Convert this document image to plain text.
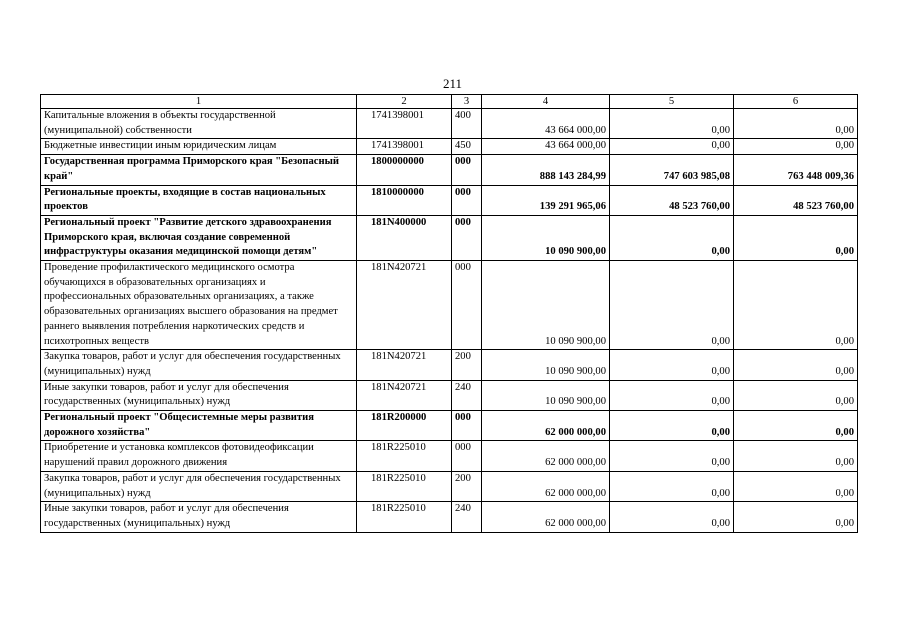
211
1	2	3	4	5	6
Капитальные вложения в объекты государственной (муниципальной) собственности	1741398001	400	43 664 000,00	0,00	0,00
Бюджетные инвестиции иным юридическим лицам	1741398001	450	43 664 000,00	0,00	0,00
Государственная программа Приморского края "Безопасный край"	1800000000	000	888 143 284,99	747 603 985,08	763 448 009,36
Региональные проекты, входящие в состав национальных проектов	1810000000	000	139 291 965,06	48 523 760,00	48 523 760,00
Региональный проект "Развитие детского здравоохранения Приморского края, включая создание современной инфраструктуры оказания медицинской помощи детям"	181N400000	000	10 090 900,00	0,00	0,00
Проведение профилактического медицинского осмотра обучающихся в образовательных организациях и профессиональных образовательных организациях, а также образовательных организациях высшего образования на предмет раннего выявления потребления наркотических средств и психотропных веществ	181N420721	000	10 090 900,00	0,00	0,00
Закупка товаров, работ и услуг для обеспечения государственных (муниципальных) нужд	181N420721	200	10 090 900,00	0,00	0,00
Иные закупки товаров, работ и услуг для обеспечения государственных (муниципальных) нужд	181N420721	240	10 090 900,00	0,00	0,00
Региональный проект "Общесистемные меры развития дорожного хозяйства"	181R200000	000	62 000 000,00	0,00	0,00
Приобретение и установка комплексов фотовидеофиксации нарушений правил дорожного движения	181R225010	000	62 000 000,00	0,00	0,00
Закупка товаров, работ и услуг для обеспечения государственных (муниципальных) нужд	181R225010	200	62 000 000,00	0,00	0,00
Иные закупки товаров, работ и услуг для обеспечения государственных (муниципальных) нужд	181R225010	240	62 000 000,00	0,00	0,00
